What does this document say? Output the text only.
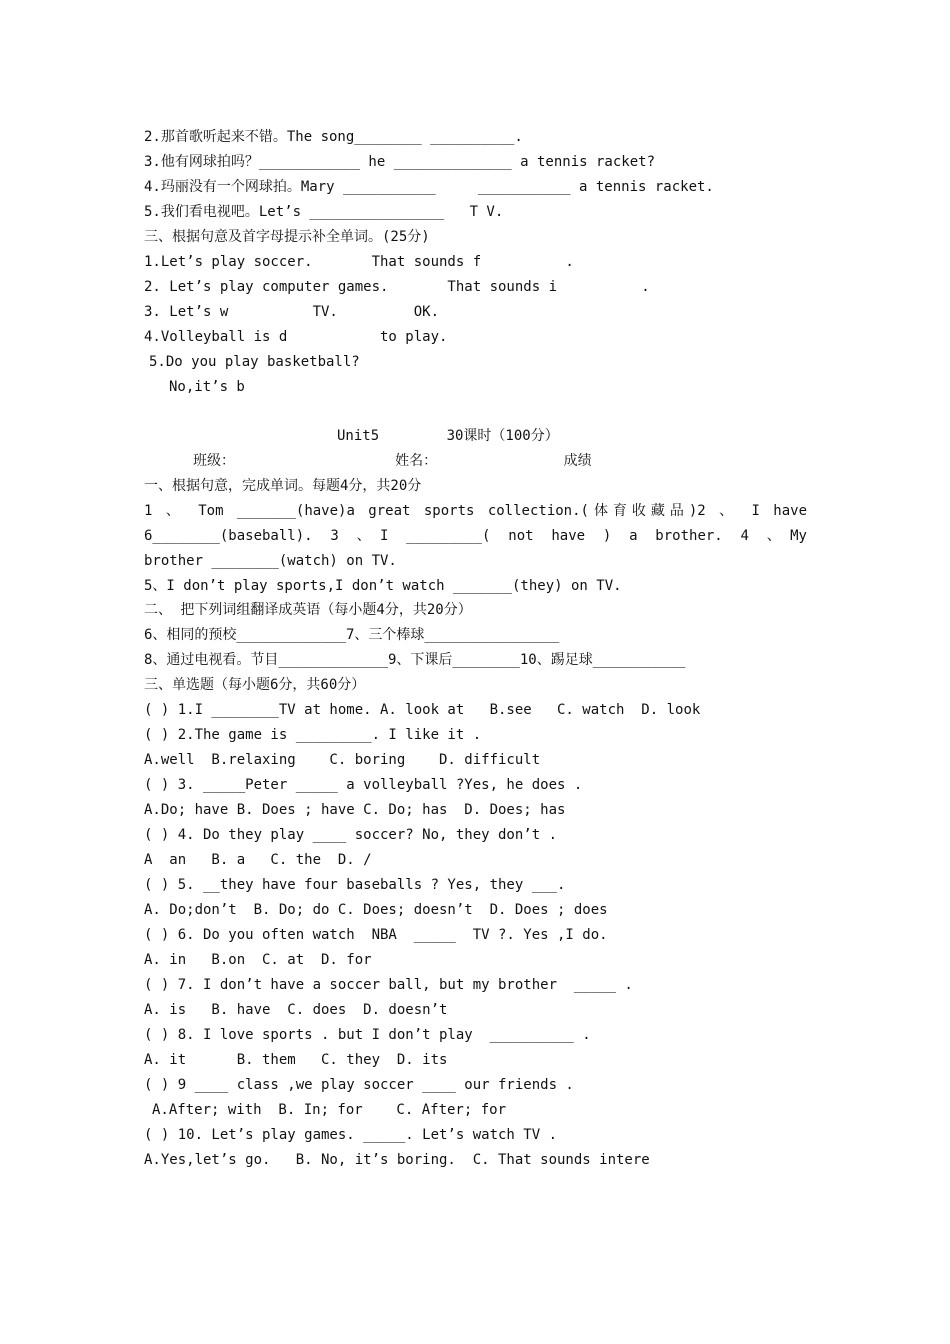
2.那首歌听起来不错。The song________ __________.
3.他有网球拍吗？____________ he ______________ a tennis racket?
4.玛丽没有一个网球拍。Mary ___________     ___________ a tennis racket.
5.我们看电视吧。Let’s ________________   T V.
三、根据句意及首字母提示补全单词。(25分)
1.Let’s play soccer.       That sounds f          .
2. Let’s play computer games.       That sounds i          .
3. Let’s w          TV.         OK.
4.Volleyball is d           to play.
5.Do you play basketball?
No,it’s b
Unit5        30课时（100分）
班级：                   姓名：               成绩
一、根据句意，完成单词。每题4分，共20分
1 、 Tom _______(have)a great sports collection.(体育收藏品)2 、 I have
6________(baseball). 3 、I _________( not have ) a brother. 4 、My
brother ________(watch) on TV.
5、I don’t play sports,I don’t watch _______(they) on TV.
二、 把下列词组翻译成英语（每小题4分，共20分）
6、相同的预校_____________7、三个棒球________________
8、通过电视看。节目_____________9、下课后________10、踢足球___________
三、单选题（每小题6分，共60分）
( ) 1.I ________TV at home. A. look at   B.see   C. watch  D. look
( ) 2.The game is _________. I like it .
A.well  B.relaxing    C. boring    D. difficult
( ) 3. _____Peter _____ a volleyball ?Yes, he does .
A.Do; have B. Does ; have C. Do; has  D. Does; has
( ) 4. Do they play ____ soccer? No, they don’t .
A  an   B. a   C. the  D. /
( ) 5. __they have four baseballs ? Yes, they ___.
A. Do;don’t  B. Do; do C. Does; doesn’t  D. Does ; does
( ) 6. Do you often watch  NBA  _____  TV ?. Yes ,I do.
A. in   B.on  C. at  D. for
( ) 7. I don’t have a soccer ball, but my brother  _____ .
A. is   B. have  C. does  D. doesn’t
( ) 8. I love sports . but I don’t play  __________ .
A. it      B. them   C. they  D. its
( ) 9 ____ class ,we play soccer ____ our friends .
A.After; with  B. In; for    C. After; for
( ) 10. Let’s play games. _____. Let’s watch TV .
A.Yes,let’s go.   B. No, it’s boring.  C. That sounds intere
